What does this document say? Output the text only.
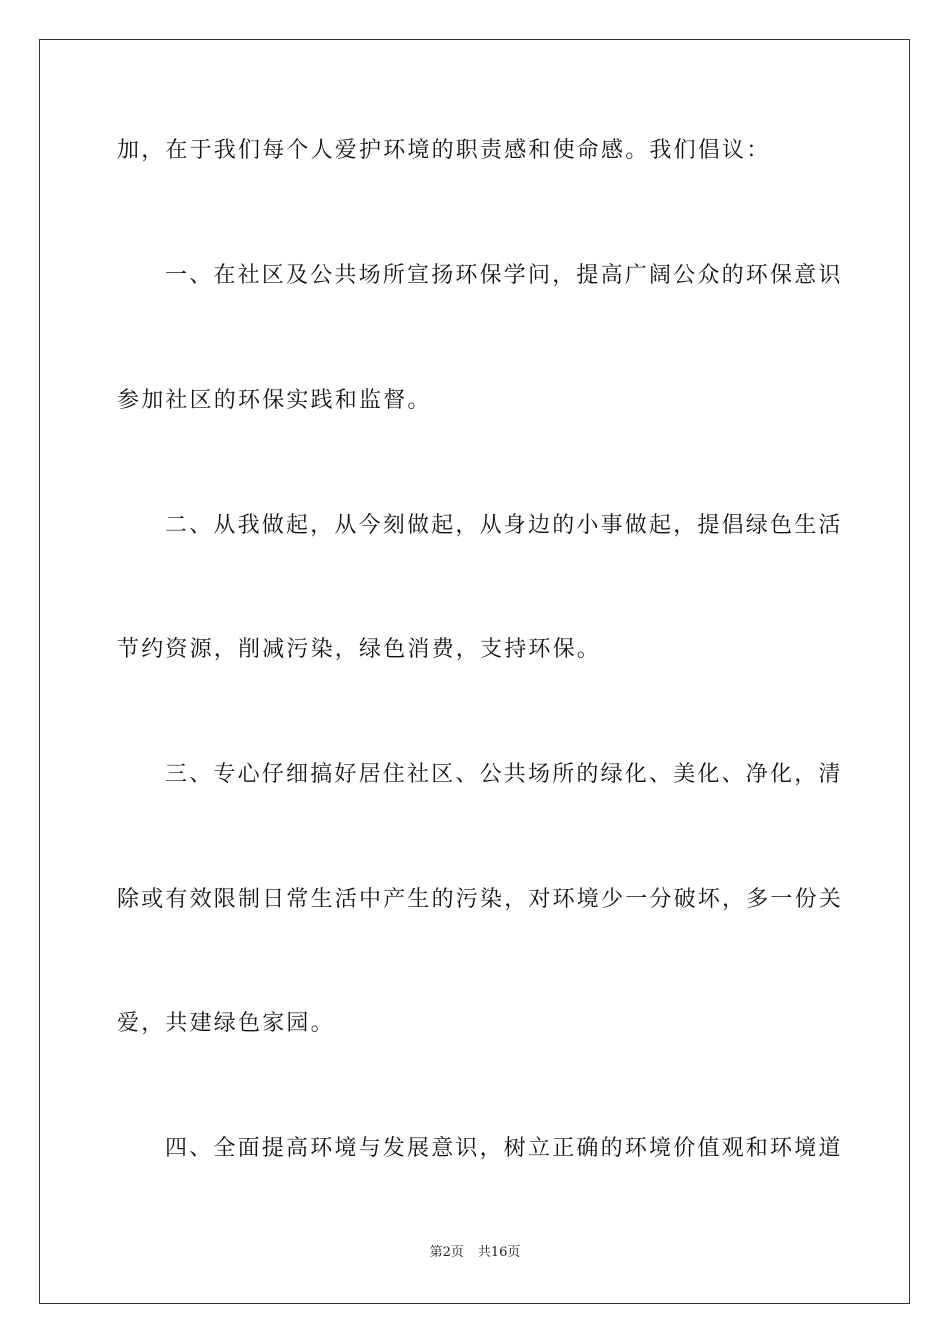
加，在于我们每个人爱护环境的职责感和使命感。我们倡议：
一、在社区及公共场所宣扬环保学问，提高广阔公众的环保意识
参加社区的环保实践和监督。
二、从我做起，从今刻做起，从身边的小事做起，提倡绿色生活
节约资源，削减污染，绿色消费，支持环保。
三、专心仔细搞好居住社区、公共场所的绿化、美化、净化，清
除或有效限制日常生活中产生的污染，对环境少一分破坏，多一份关
爱，共建绿色家园。
四、全面提高环境与发展意识，树立正确的环境价值观和环境道
第2页 共16页
